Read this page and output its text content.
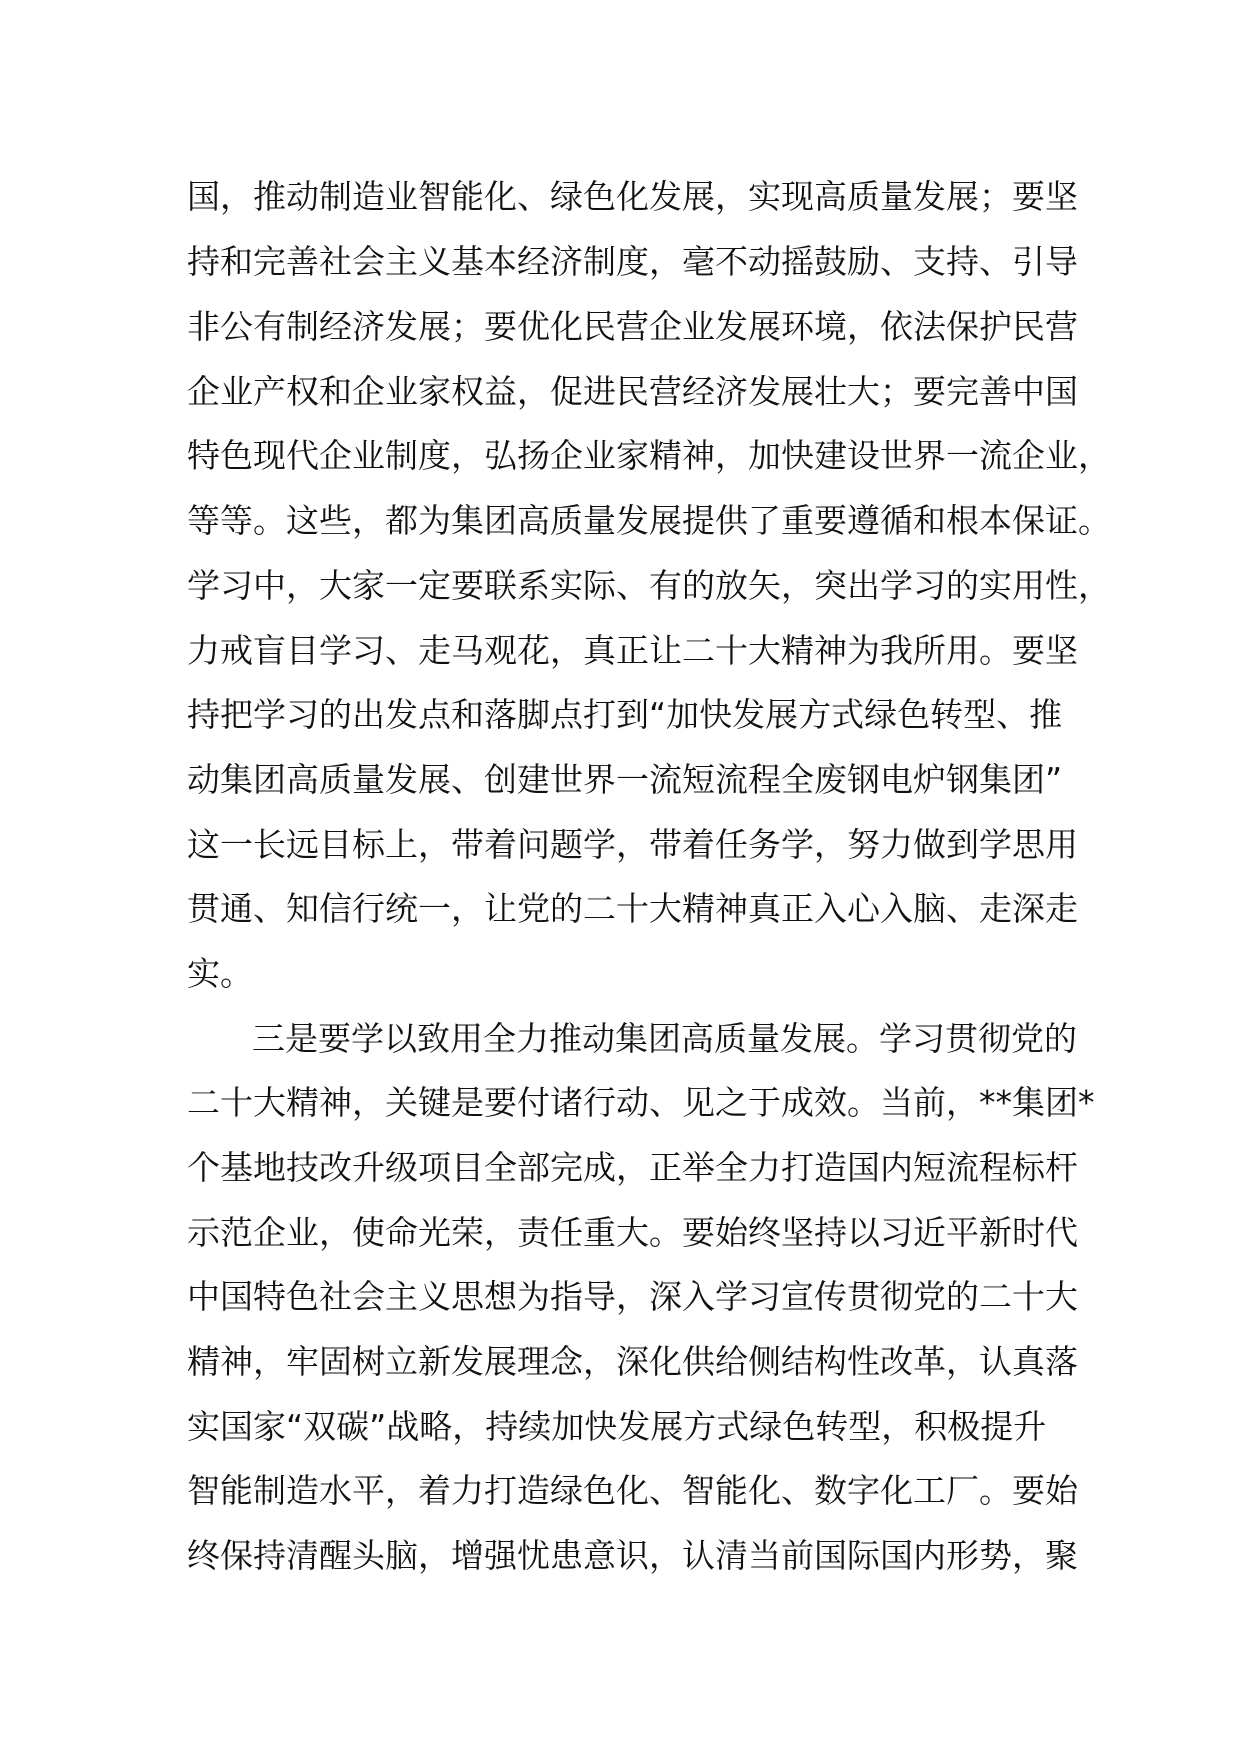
国，推动制造业智能化、绿色化发展，实现高质量发展；要坚
持和完善社会主义基本经济制度，毫不动摇鼓励、支持、引导
非公有制经济发展；要优化民营企业发展环境，依法保护民营
企业产权和企业家权益，促进民营经济发展壮大；要完善中国
特色现代企业制度，弘扬企业家精神，加快建设世界一流企业，
等等。这些，都为集团高质量发展提供了重要遵循和根本保证。
学习中，大家一定要联系实际、有的放矢，突出学习的实用性，
力戒盲目学习、走马观花，真正让二十大精神为我所用。要坚
持把学习的出发点和落脚点打到“加快发展方式绿色转型、推
动集团高质量发展、创建世界一流短流程全废钢电炉钢集团”
这一长远目标上，带着问题学，带着任务学，努力做到学思用
贯通、知信行统一，让党的二十大精神真正入心入脑、走深走
实。
三是要学以致用全力推动集团高质量发展。学习贯彻党的
二十大精神，关键是要付诸行动、见之于成效。当前，**集团*
个基地技改升级项目全部完成，正举全力打造国内短流程标杆
示范企业，使命光荣，责任重大。要始终坚持以习近平新时代
中国特色社会主义思想为指导，深入学习宣传贯彻党的二十大
精神，牢固树立新发展理念，深化供给侧结构性改革，认真落
实国家“双碳”战略，持续加快发展方式绿色转型，积极提升
智能制造水平，着力打造绿色化、智能化、数字化工厂。要始
终保持清醒头脑，增强忧患意识，认清当前国际国内形势，聚
